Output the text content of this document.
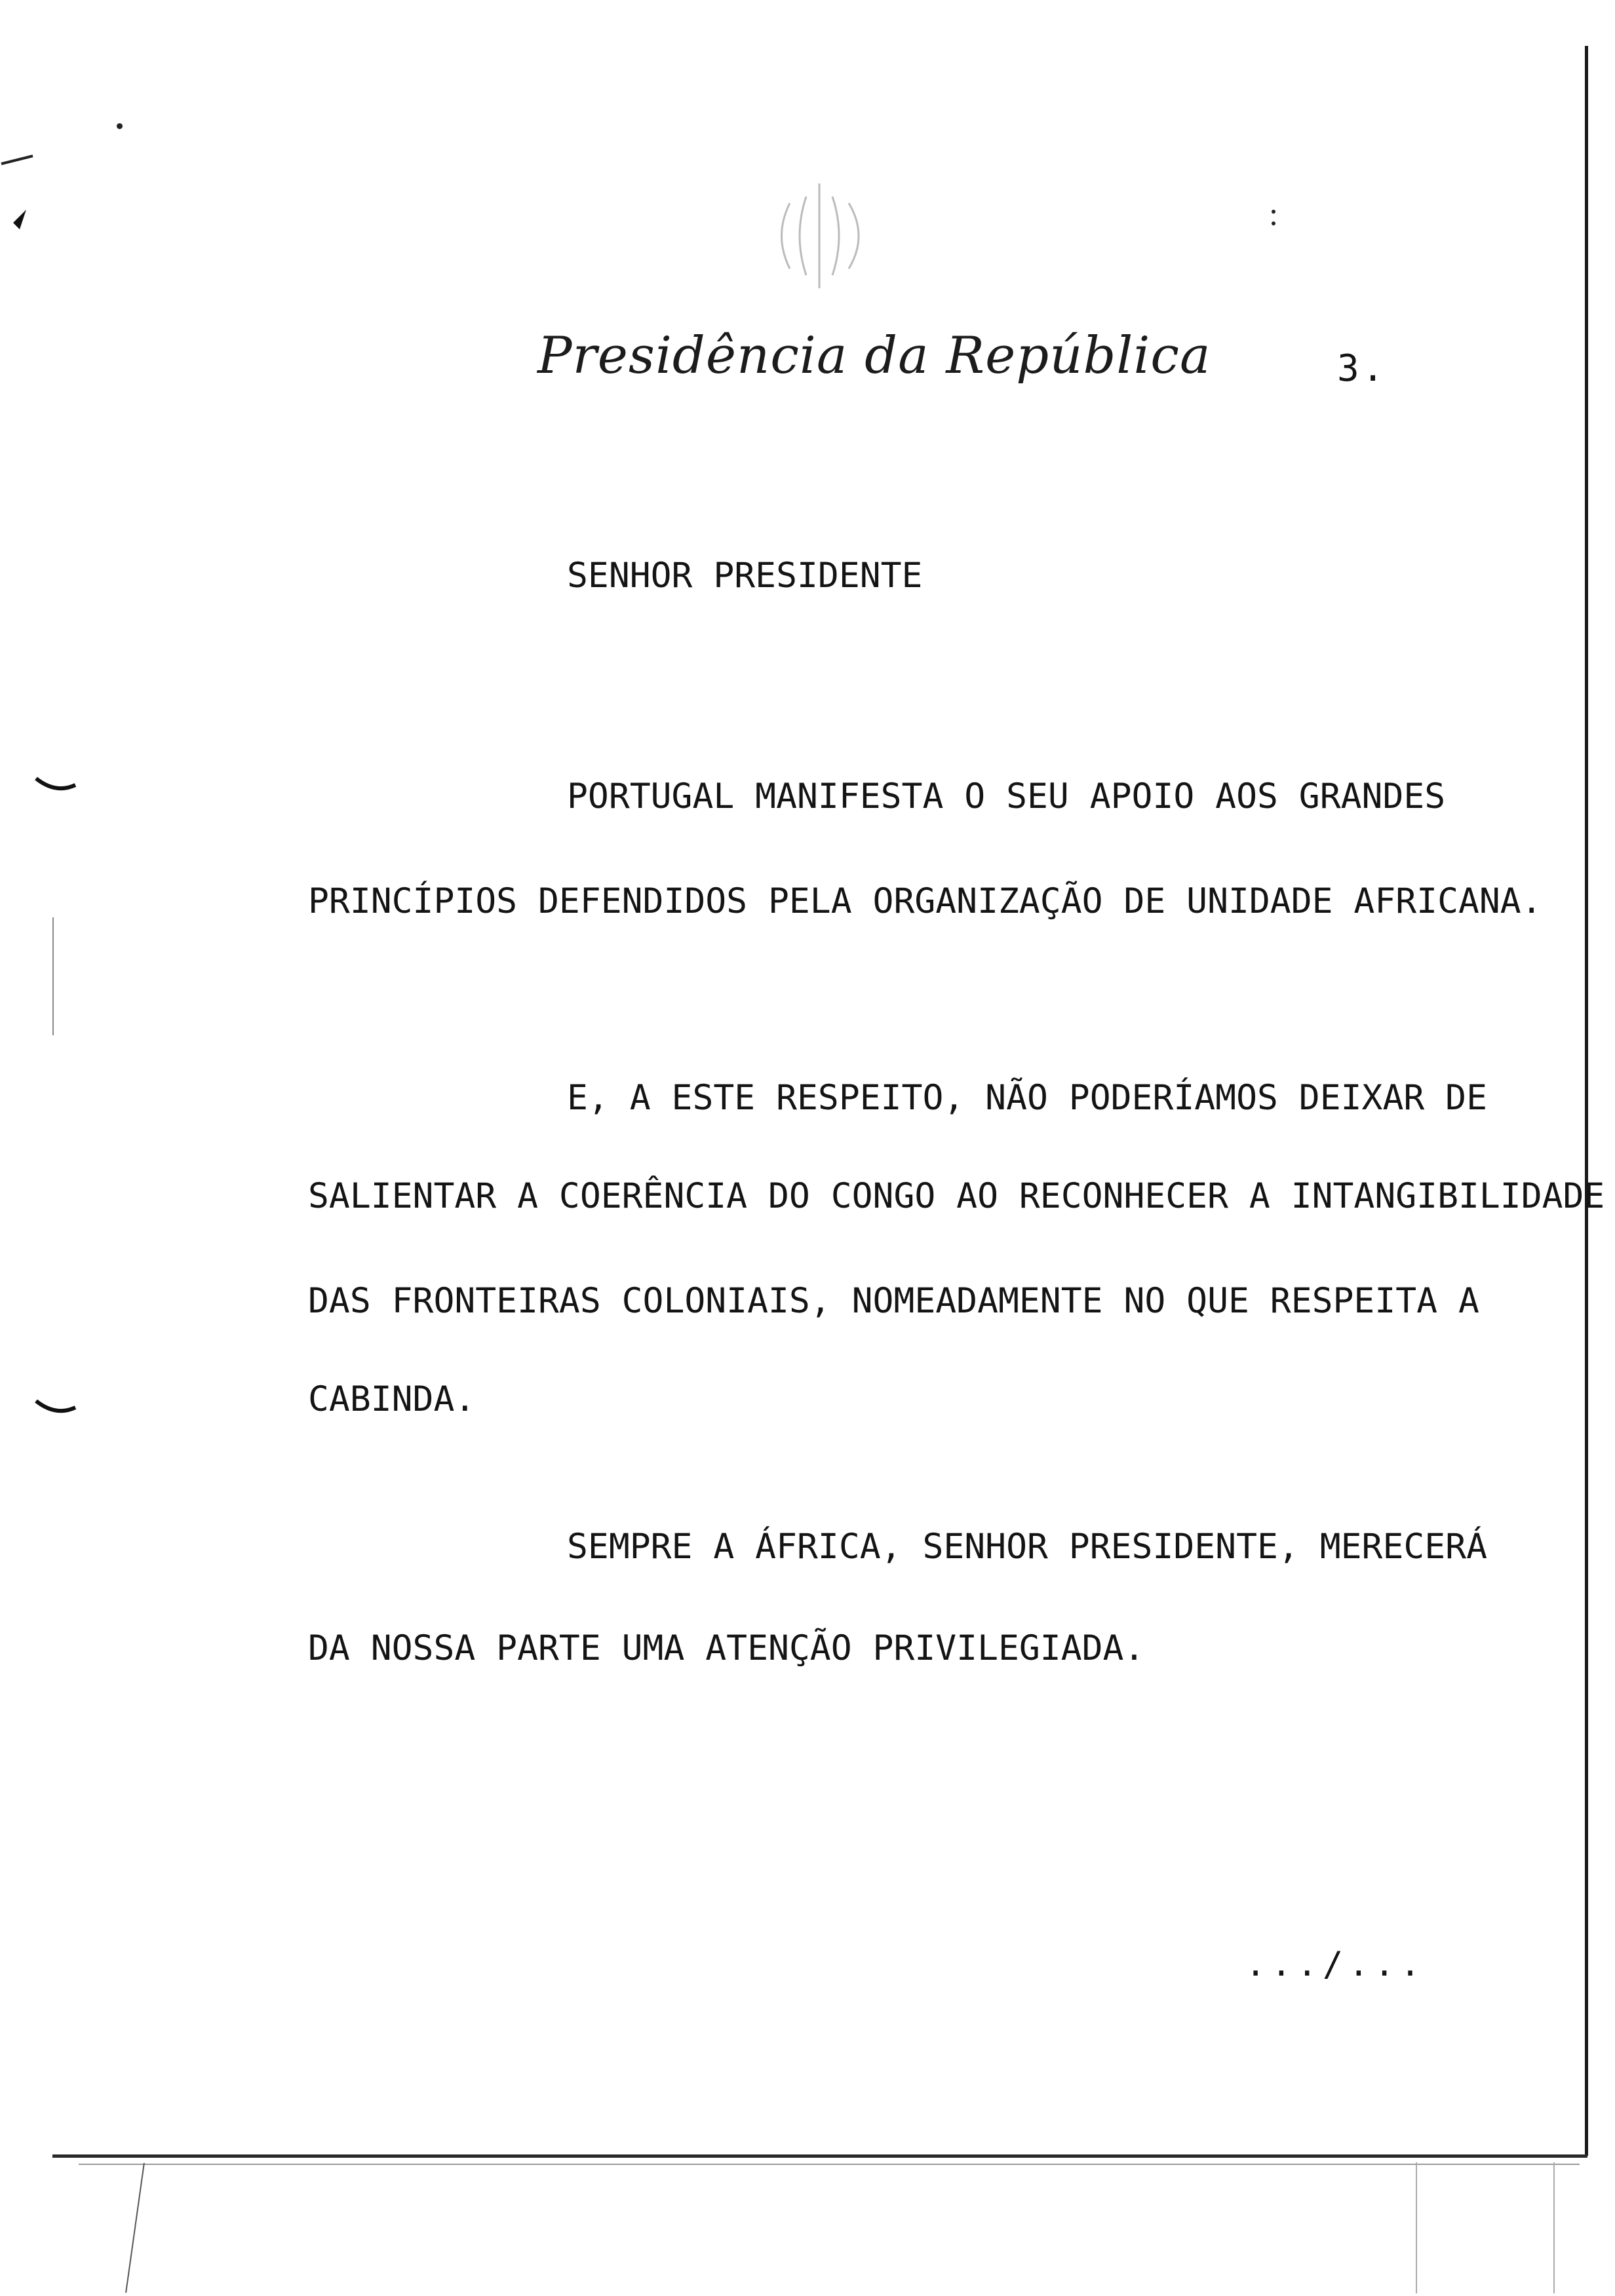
Presidência da República	3.
SENHOR PRESIDENTE
PORTUGAL MANIFESTA O SEU APOIO AOS GRANDES
PRINCÍPIOS DEFENDIDOS PELA ORGANIZAÇÃO DE UNIDADE AFRICANA.
E, A ESTE RESPEITO, NÃO PODERÍAMOS DEIXAR DE
SALIENTAR A COERÊNCIA DO CONGO AO RECONHECER A INTANGIBILIDADE
DAS FRONTEIRAS COLONIAIS, NOMEADAMENTE NO QUE RESPEITA A
CABINDA.
SEMPRE A ÁFRICA, SENHOR PRESIDENTE, MERECERÁ
DA NOSSA PARTE UMA ATENÇÃO PRIVILEGIADA.
.../...
